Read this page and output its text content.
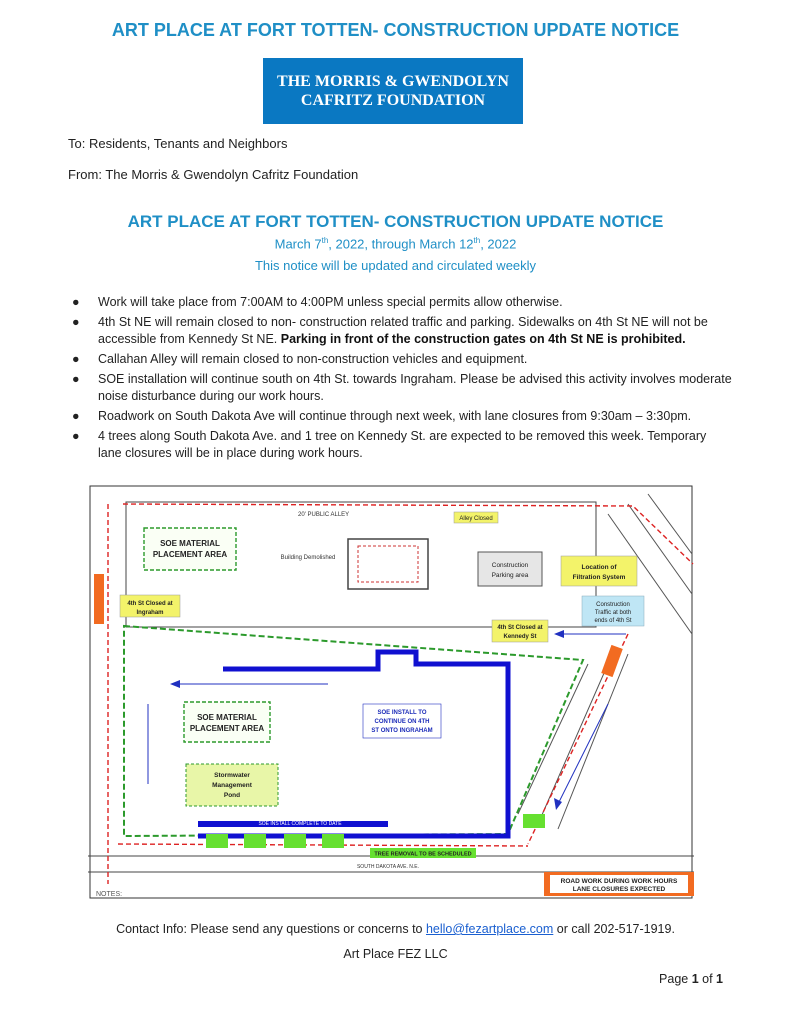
ART PLACE AT FORT TOTTEN- CONSTRUCTION UPDATE NOTICE
THE MORRIS & GWENDOLYN
CAFRITZ FOUNDATION
To: Residents, Tenants and Neighbors
From: The Morris & Gwendolyn Cafritz Foundation
ART PLACE AT FORT TOTTEN- CONSTRUCTION UPDATE NOTICE
March 7th, 2022, through March 12th, 2022
This notice will be updated and circulated weekly
● Work will take place from 7:00AM to 4:00PM unless special permits allow otherwise.
● 4th St NE will remain closed to non- construction related traffic and parking. Sidewalks on 4th St NE will not be accessible from Kennedy St NE. Parking in front of the construction gates on 4th St NE is prohibited.
● Callahan Alley will remain closed to non-construction vehicles and equipment.
● SOE installation will continue south on 4th St. towards Ingraham. Please be advised this activity involves moderate noise disturbance during our work hours.
● Roadwork on South Dakota Ave will continue through next week, with lane closures from 9:30am – 3:30pm.
● 4 trees along South Dakota Ave. and 1 tree on Kennedy St. are expected to be removed this week. Temporary lane closures will be in place during work hours.
20' PUBLIC ALLEY
Alley Closed
SOE MATERIAL
PLACEMENT AREA	Building Demolished
Construction
Parking area
Location of
Filtration System
4th St Closed at
Ingraham
Construction
Traffic at both
ends of 4th St
4th St Closed at
Kennedy St
SOE INSTALL TO
CONTINUE ON 4TH
ST ONTO INGRAHAM
SOE MATERIAL
PLACEMENT AREA
Stormwater
Management
Pond
SOE INSTALL COMPLETE TO DATE
TREE REMOVAL TO BE SCHEDULED
SOUTH DAKOTA AVE. N.E.
ROAD WORK DURING WORK HOURS
LANE CLOSURES EXPECTED
NOTES:
Contact Info: Please send any questions or concerns to hello@fezartplace.com or call 202-517-1919.
Art Place FEZ LLC
Page 1 of 1
